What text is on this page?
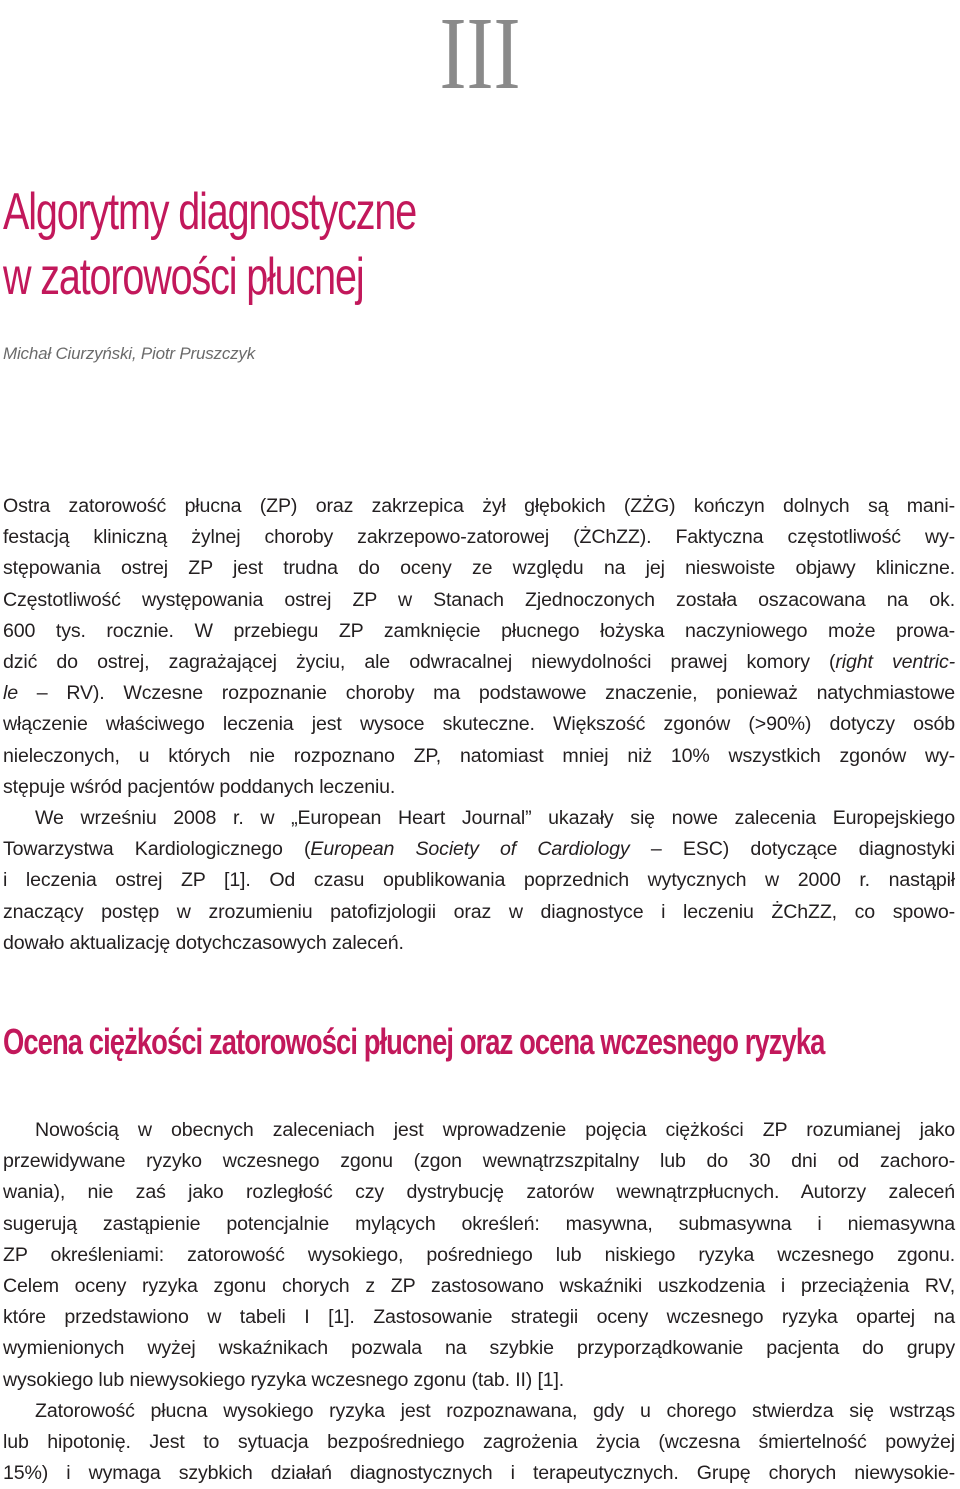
III
Algorytmy diagnostyczne
w zatorowości płucnej

Michał Ciurzyński, Piotr Pruszczyk

Ostra zatorowość płucna (ZP) oraz zakrzepica żył głębokich (ZŻG) kończyn dolnych są mani-
festacją kliniczną żylnej choroby zakrzepowo-zatorowej (ŻChZZ). Faktyczna częstotliwość wy-
stępowania ostrej ZP jest trudna do oceny ze względu na jej nieswoiste objawy kliniczne.
Częstotliwość występowania ostrej ZP w Stanach Zjednoczonych została oszacowana na ok.
600 tys. rocznie. W przebiegu ZP zamknięcie płucnego łożyska naczyniowego może prowa-
dzić do ostrej, zagrażającej życiu, ale odwracalnej niewydolności prawej komory (right ventric-
le – RV). Wczesne rozpoznanie choroby ma podstawowe znaczenie, ponieważ natychmiastowe
włączenie właściwego leczenia jest wysoce skuteczne. Większość zgonów (>90%) dotyczy osób
nieleczonych, u których nie rozpoznano ZP, natomiast mniej niż 10% wszystkich zgonów wy-
stępuje wśród pacjentów poddanych leczeniu.
We wrześniu 2008 r. w „European Heart Journal” ukazały się nowe zalecenia Europejskiego
Towarzystwa Kardiologicznego (European Society of Cardiology – ESC) dotyczące diagnostyki
i leczenia ostrej ZP [1]. Od czasu opublikowania poprzednich wytycznych w 2000 r. nastąpił
znaczący postęp w zrozumieniu patofizjologii oraz w diagnostyce i leczeniu ŻChZZ, co spowo-
dowało aktualizację dotychczasowych zaleceń.
Ocena ciężkości zatorowości płucnej oraz ocena wczesnego ryzyka
Nowością w obecnych zaleceniach jest wprowadzenie pojęcia ciężkości ZP rozumianej jako
przewidywane ryzyko wczesnego zgonu (zgon wewnątrzszpitalny lub do 30 dni od zachoro-
wania), nie zaś jako rozległość czy dystrybucję zatorów wewnątrzpłucnych. Autorzy zaleceń
sugerują zastąpienie potencjalnie mylących określeń: masywna, submasywna i niemasywna
ZP określeniami: zatorowość wysokiego, pośredniego lub niskiego ryzyka wczesnego zgonu.
Celem oceny ryzyka zgonu chorych z ZP zastosowano wskaźniki uszkodzenia i przeciążenia RV,
które przedstawiono w tabeli I [1]. Zastosowanie strategii oceny wczesnego ryzyka opartej na
wymienionych wyżej wskaźnikach pozwala na szybkie przyporządkowanie pacjenta do grupy
wysokiego lub niewysokiego ryzyka wczesnego zgonu (tab. II) [1].
Zatorowość płucna wysokiego ryzyka jest rozpoznawana, gdy u chorego stwierdza się wstrząs
lub hipotonię. Jest to sytuacja bezpośredniego zagrożenia życia (wczesna śmiertelność powyżej
15%) i wymaga szybkich działań diagnostycznych i terapeutycznych. Grupę chorych niewysokie-
